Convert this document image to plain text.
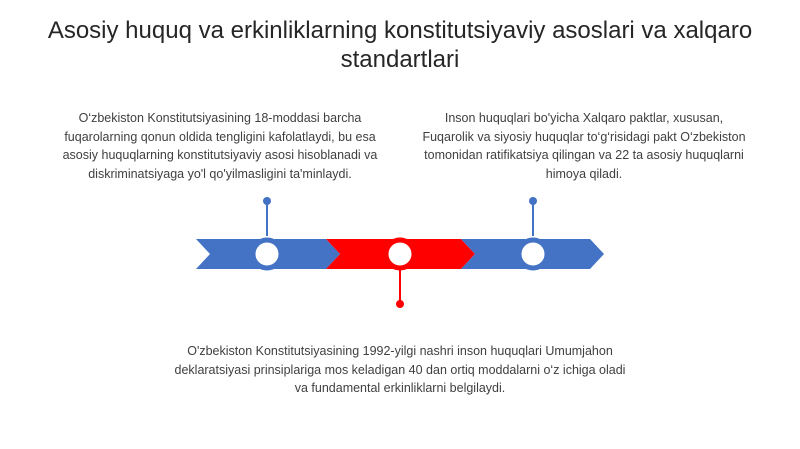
Asosiy huquq va erkinliklarning konstitutsiyaviy asoslari va xalqaro standartlari
O‘zbekiston Konstitutsiyasining 18-moddasi barcha fuqarolarning qonun oldida tengligini kafolatlaydi, bu esa asosiy huquqlarning konstitutsiyaviy asosi hisoblanadi va diskriminatsiyaga yo'l qo'yilmasligini ta'minlaydi.
Inson huquqlari bo'yicha Xalqaro paktlar, xususan, Fuqarolik va siyosiy huquqlar to‘g‘risidagi pakt O‘zbekiston tomonidan ratifikatsiya qilingan va 22 ta asosiy huquqlarni himoya qiladi.
O'zbekiston Konstitutsiyasining 1992-yilgi nashri inson huquqlari Umumjahon deklaratsiyasi prinsiplariga mos keladigan 40 dan ortiq moddalarni o‘z ichiga oladi va fundamental erkinliklarni belgilaydi.
